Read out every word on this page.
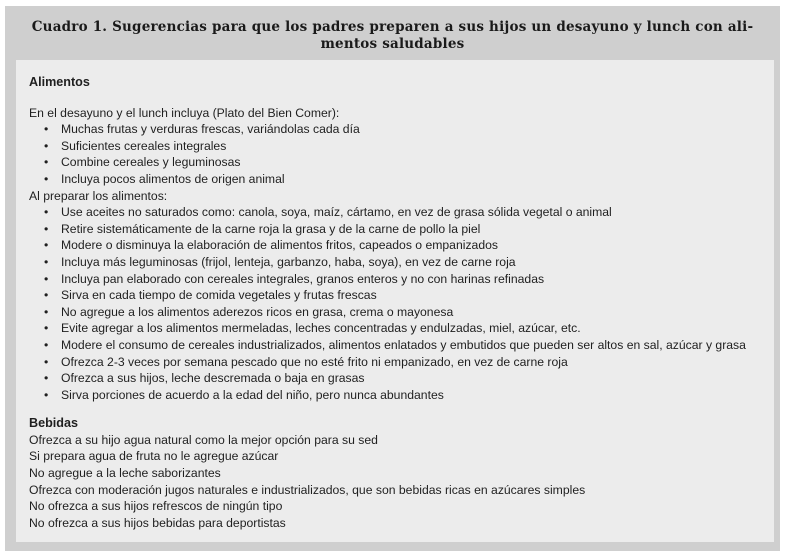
Cuadro 1. Sugerencias para que los padres preparen a sus hijos un desayuno y lunch con ali-
mentos saludables
Alimentos
En el desayuno y el lunch incluya (Plato del Bien Comer):
• Muchas frutas y verduras frescas, variándolas cada día
• Suficientes cereales integrales
• Combine cereales y leguminosas
• Incluya pocos alimentos de origen animal
Al preparar los alimentos:
• Use aceites no saturados como: canola, soya, maíz, cártamo, en vez de grasa sólida vegetal o animal
• Retire sistemáticamente de la carne roja la grasa y de la carne de pollo la piel
• Modere o disminuya la elaboración de alimentos fritos, capeados o empanizados
• Incluya más leguminosas (frijol, lenteja, garbanzo, haba, soya), en vez de carne roja
• Incluya pan elaborado con cereales integrales, granos enteros y no con harinas refinadas
• Sirva en cada tiempo de comida vegetales y frutas frescas
• No agregue a los alimentos aderezos ricos en grasa, crema o mayonesa
• Evite agregar a los alimentos mermeladas, leches concentradas y endulzadas, miel, azúcar, etc.
• Modere el consumo de cereales industrializados, alimentos enlatados y embutidos que pueden ser altos en sal, azúcar y grasa
• Ofrezca 2-3 veces por semana pescado que no esté frito ni empanizado, en vez de carne roja
• Ofrezca a sus hijos, leche descremada o baja en grasas
• Sirva porciones de acuerdo a la edad del niño, pero nunca abundantes
Bebidas
Ofrezca a su hijo agua natural como la mejor opción para su sed
Si prepara agua de fruta no le agregue azúcar
No agregue a la leche saborizantes
Ofrezca con moderación jugos naturales e industrializados, que son bebidas ricas en azúcares simples
No ofrezca a sus hijos refrescos de ningún tipo
No ofrezca a sus hijos bebidas para deportistas
